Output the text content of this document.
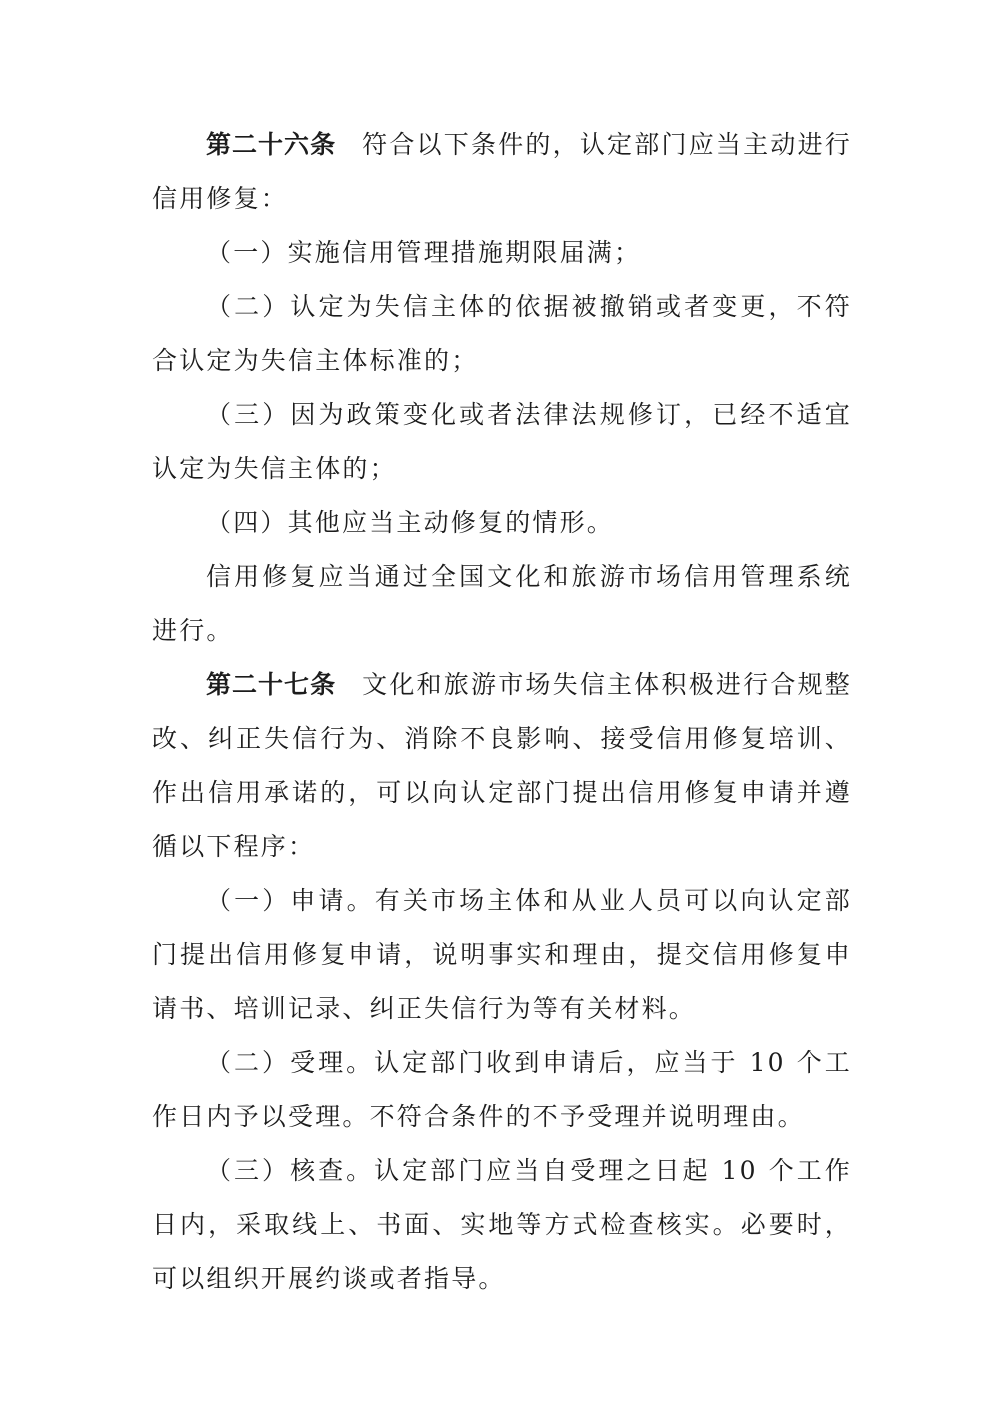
第二十六条 符合以下条件的，认定部门应当主动进行信用修复：

（一）实施信用管理措施期限届满；

（二）认定为失信主体的依据被撤销或者变更，不符合认定为失信主体标准的；

（三）因为政策变化或者法律法规修订，已经不适宜认定为失信主体的；

（四）其他应当主动修复的情形。

信用修复应当通过全国文化和旅游市场信用管理系统进行。

第二十七条 文化和旅游市场失信主体积极进行合规整改、纠正失信行为、消除不良影响、接受信用修复培训、作出信用承诺的，可以向认定部门提出信用修复申请并遵循以下程序：

（一）申请。有关市场主体和从业人员可以向认定部门提出信用修复申请，说明事实和理由，提交信用修复申请书、培训记录、纠正失信行为等有关材料。

（二）受理。认定部门收到申请后，应当于 10 个工作日内予以受理。不符合条件的不予受理并说明理由。

（三）核查。认定部门应当自受理之日起 10 个工作日内，采取线上、书面、实地等方式检查核实。必要时，可以组织开展约谈或者指导。
